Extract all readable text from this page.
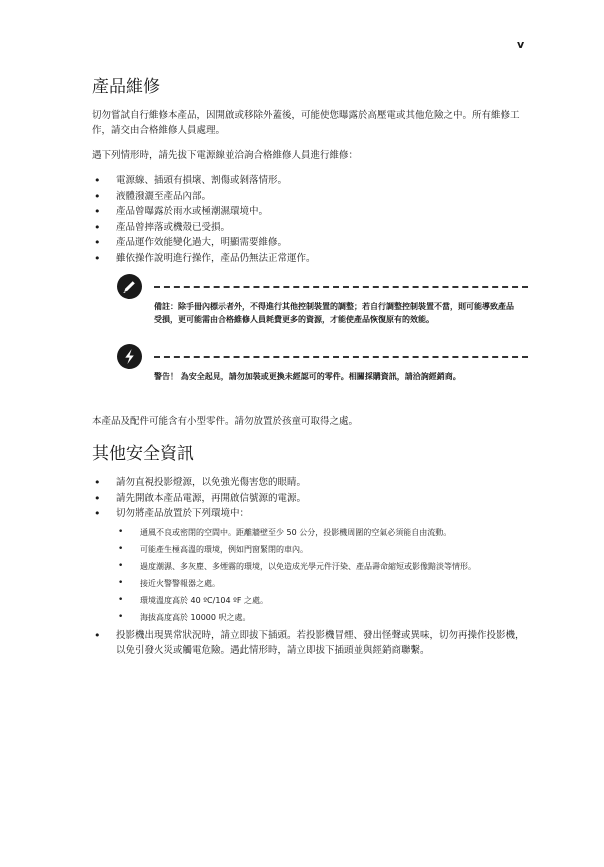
v
產品維修

切勿嘗試自行維修本產品，因開啟或移除外蓋後，可能使您曝露於高壓電或其他危險之中。所有維修工作，請交由合格維修人員處理。

遇下列情形時，請先拔下電源線並洽詢合格維修人員進行維修：

• 電源線、插頭有損壞、割傷或剝落情形。
• 液體潑灑至產品內部。
• 產品曾曝露於雨水或極潮濕環境中。
• 產品曾摔落或機殼已受損。
• 產品運作效能變化過大，明顯需要維修。
• 雖依操作說明進行操作，產品仍無法正常運作。
備註：除手冊內標示者外，不得進行其他控制裝置的調整；若自行調整控制裝置不當，則可能導致產品受損，更可能需由合格維修人員耗費更多的資源，才能使產品恢復原有的效能。
警告！ 為安全起見，請勿加裝或更換未經認可的零件。相關採購資訊，請洽詢經銷商。

本產品及配件可能含有小型零件。請勿放置於孩童可取得之處。

其他安全資訊
• 請勿直視投影燈源，以免強光傷害您的眼睛。
• 請先開啟本產品電源，再開啟信號源的電源。
• 切勿將產品放置於下列環境中：
• 通風不良或密閉的空間中。距離牆壁至少 50 公分，投影機周圍的空氣必須能自由流動。
• 可能產生極高溫的環境，例如門窗緊閉的車內。
• 過度潮濕、多灰塵、多煙霧的環境，以免造成光學元件汙染、產品壽命縮短或影像黯淡等情形。
• 接近火警警報器之處。
• 環境溫度高於 40 ºC/104 ºF 之處。
• 海拔高度高於 10000 呎之處。
• 投影機出現異常狀況時，請立即拔下插頭。若投影機冒煙、發出怪聲或異味，切勿再操作投影機，以免引發火災或觸電危險。遇此情形時，請立即拔下插頭並與經銷商聯繫。
